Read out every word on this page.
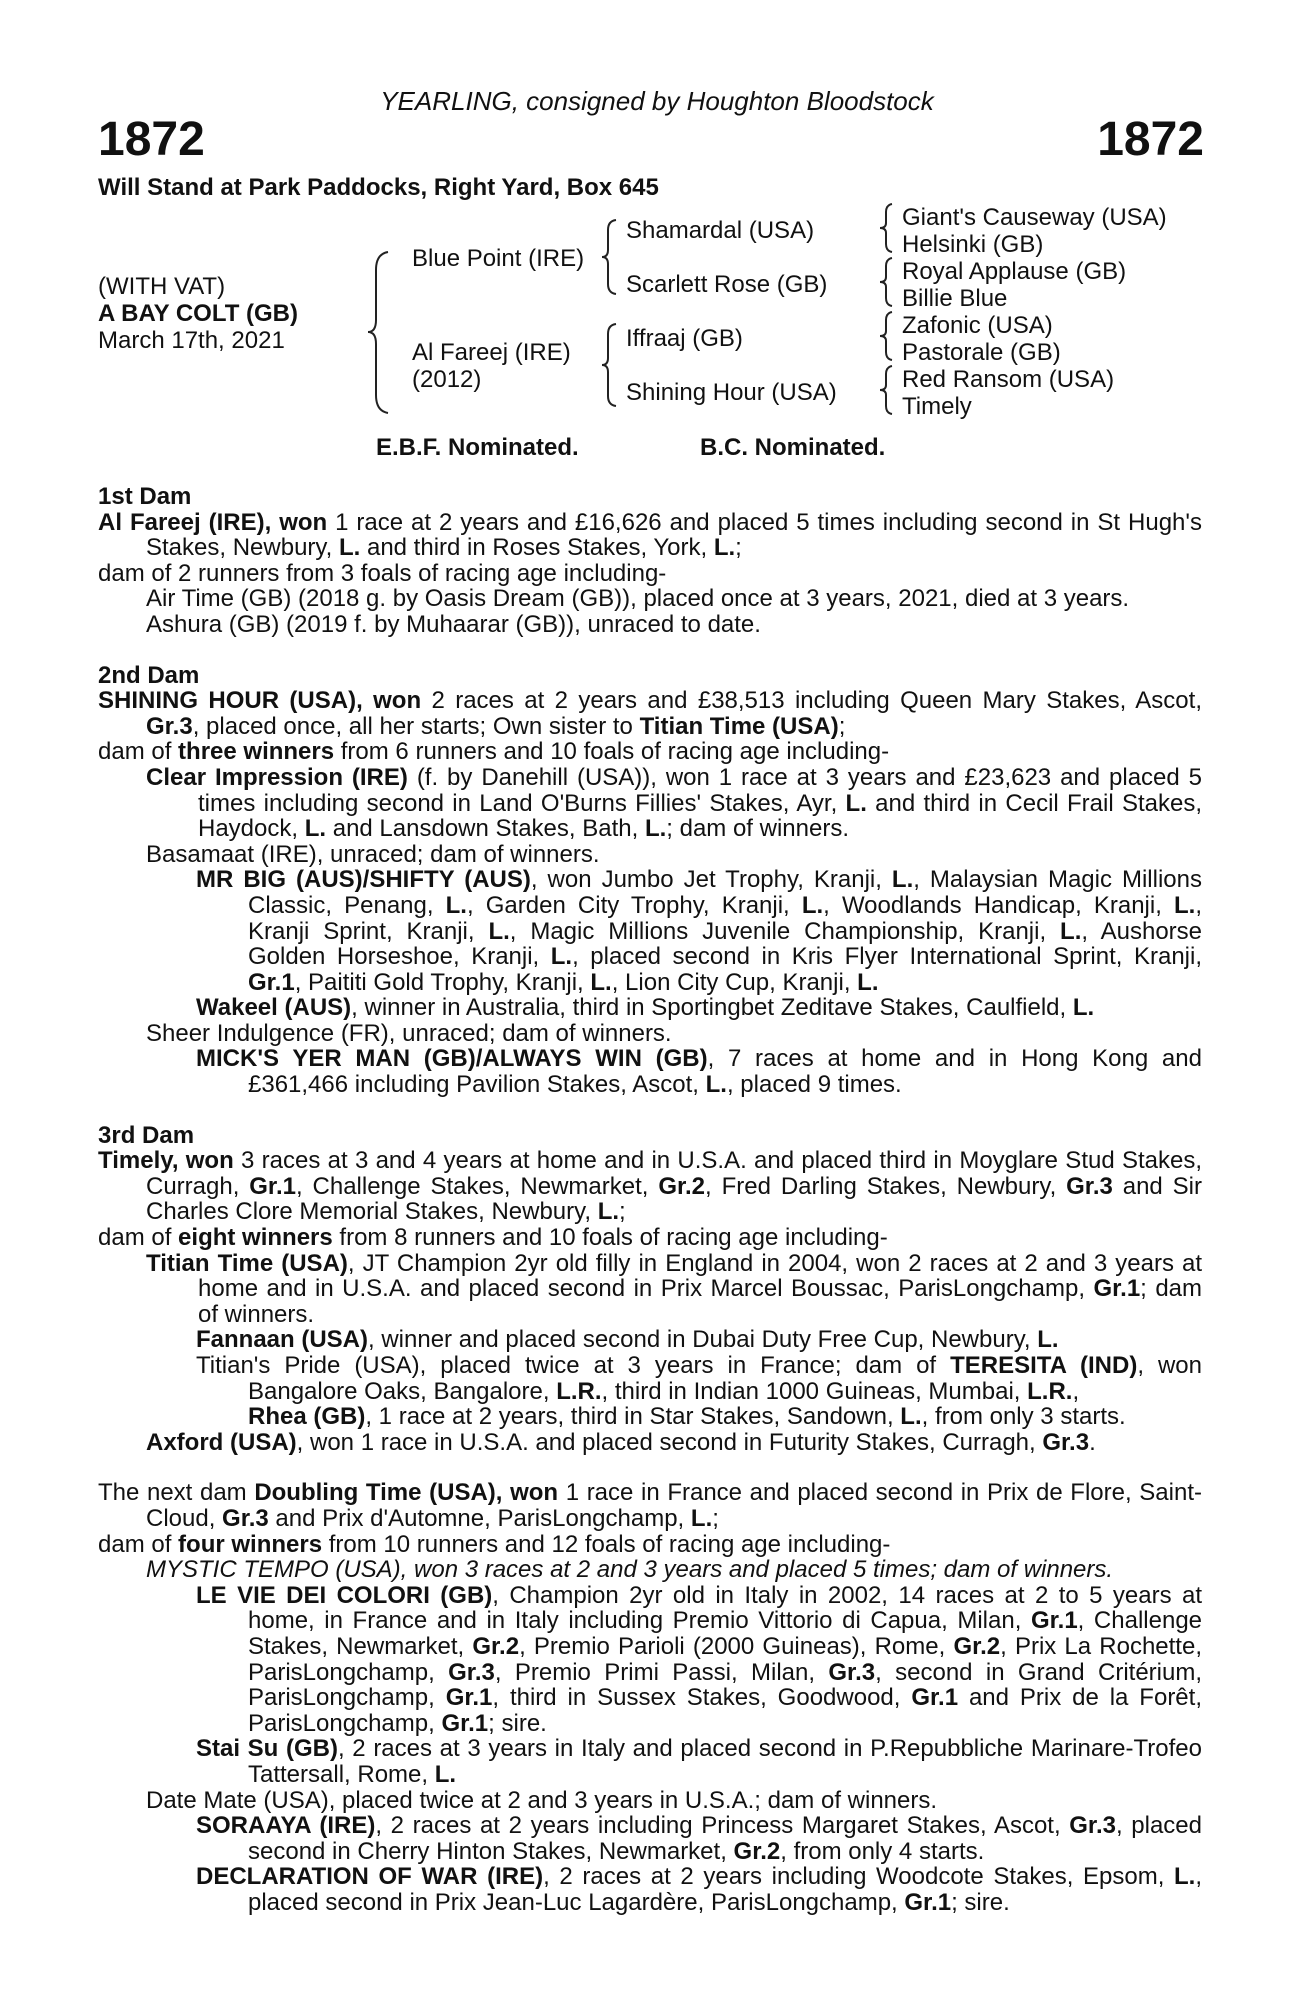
YEARLING, consigned by Houghton Bloodstock
1872	1872
Will Stand at Park Paddocks, Right Yard, Box 645
(WITH VAT)
A BAY COLT (GB)
March 17th, 2021
Blue Point (IRE)
Al Fareej (IRE)
(2012)
Shamardal (USA)
Scarlett Rose (GB)
Iffraaj (GB)
Shining Hour (USA)
Giant's Causeway (USA)
Helsinki (GB)
Royal Applause (GB)
Billie Blue
Zafonic (USA)
Pastorale (GB)
Red Ransom (USA)
Timely
E.B.F. Nominated.	B.C. Nominated.

1st Dam

Al Fareej (IRE), won 1 race at 2 years and £16,626 and placed 5 times including second in St Hugh's Stakes, Newbury, L. and third in Roses Stakes, York, L.;

dam of 2 runners from 3 foals of racing age including-

Air Time (GB) (2018 g. by Oasis Dream (GB)), placed once at 3 years, 2021, died at 3 years.

Ashura (GB) (2019 f. by Muhaarar (GB)), unraced to date.

2nd Dam

SHINING HOUR (USA), won 2 races at 2 years and £38,513 including Queen Mary Stakes, Ascot, Gr.3, placed once, all her starts; Own sister to Titian Time (USA);

dam of three winners from 6 runners and 10 foals of racing age including-

Clear Impression (IRE) (f. by Danehill (USA)), won 1 race at 3 years and £23,623 and placed 5 times including second in Land O'Burns Fillies' Stakes, Ayr, L. and third in Cecil Frail Stakes, Haydock, L. and Lansdown Stakes, Bath, L.; dam of winners.

Basamaat (IRE), unraced; dam of winners.

MR BIG (AUS)/SHIFTY (AUS), won Jumbo Jet Trophy, Kranji, L., Malaysian Magic Millions Classic, Penang, L., Garden City Trophy, Kranji, L., Woodlands Handicap, Kranji, L., Kranji Sprint, Kranji, L., Magic Millions Juvenile Championship, Kranji, L., Aushorse Golden Horseshoe, Kranji, L., placed second in Kris Flyer International Sprint, Kranji, Gr.1, Paititi Gold Trophy, Kranji, L., Lion City Cup, Kranji, L.

Wakeel (AUS), winner in Australia, third in Sportingbet Zeditave Stakes, Caulfield, L.

Sheer Indulgence (FR), unraced; dam of winners.

MICK'S YER MAN (GB)/ALWAYS WIN (GB), 7 races at home and in Hong Kong and £361,466 including Pavilion Stakes, Ascot, L., placed 9 times.

3rd Dam

Timely, won 3 races at 3 and 4 years at home and in U.S.A. and placed third in Moyglare Stud Stakes, Curragh, Gr.1, Challenge Stakes, Newmarket, Gr.2, Fred Darling Stakes, Newbury, Gr.3 and Sir Charles Clore Memorial Stakes, Newbury, L.;

dam of eight winners from 8 runners and 10 foals of racing age including-

Titian Time (USA), JT Champion 2yr old filly in England in 2004, won 2 races at 2 and 3 years at home and in U.S.A. and placed second in Prix Marcel Boussac, ParisLongchamp, Gr.1; dam of winners.

Fannaan (USA), winner and placed second in Dubai Duty Free Cup, Newbury, L.

Titian's Pride (USA), placed twice at 3 years in France; dam of TERESITA (IND), won Bangalore Oaks, Bangalore, L.R., third in Indian 1000 Guineas, Mumbai, L.R.,

Rhea (GB), 1 race at 2 years, third in Star Stakes, Sandown, L., from only 3 starts.

Axford (USA), won 1 race in U.S.A. and placed second in Futurity Stakes, Curragh, Gr.3.

The next dam Doubling Time (USA), won 1 race in France and placed second in Prix de Flore, Saint-Cloud, Gr.3 and Prix d'Automne, ParisLongchamp, L.;

dam of four winners from 10 runners and 12 foals of racing age including-

MYSTIC TEMPO (USA), won 3 races at 2 and 3 years and placed 5 times; dam of winners.

LE VIE DEI COLORI (GB), Champion 2yr old in Italy in 2002, 14 races at 2 to 5 years at home, in France and in Italy including Premio Vittorio di Capua, Milan, Gr.1, Challenge Stakes, Newmarket, Gr.2, Premio Parioli (2000 Guineas), Rome, Gr.2, Prix La Rochette, ParisLongchamp, Gr.3, Premio Primi Passi, Milan, Gr.3, second in Grand Critérium, ParisLongchamp, Gr.1, third in Sussex Stakes, Goodwood, Gr.1 and Prix de la Forêt, ParisLongchamp, Gr.1; sire.

Stai Su (GB), 2 races at 3 years in Italy and placed second in P.Repubbliche Marinare-Trofeo Tattersall, Rome, L.

Date Mate (USA), placed twice at 2 and 3 years in U.S.A.; dam of winners.

SORAAYA (IRE), 2 races at 2 years including Princess Margaret Stakes, Ascot, Gr.3, placed second in Cherry Hinton Stakes, Newmarket, Gr.2, from only 4 starts.

DECLARATION OF WAR (IRE), 2 races at 2 years including Woodcote Stakes, Epsom, L., placed second in Prix Jean-Luc Lagardère, ParisLongchamp, Gr.1; sire.
